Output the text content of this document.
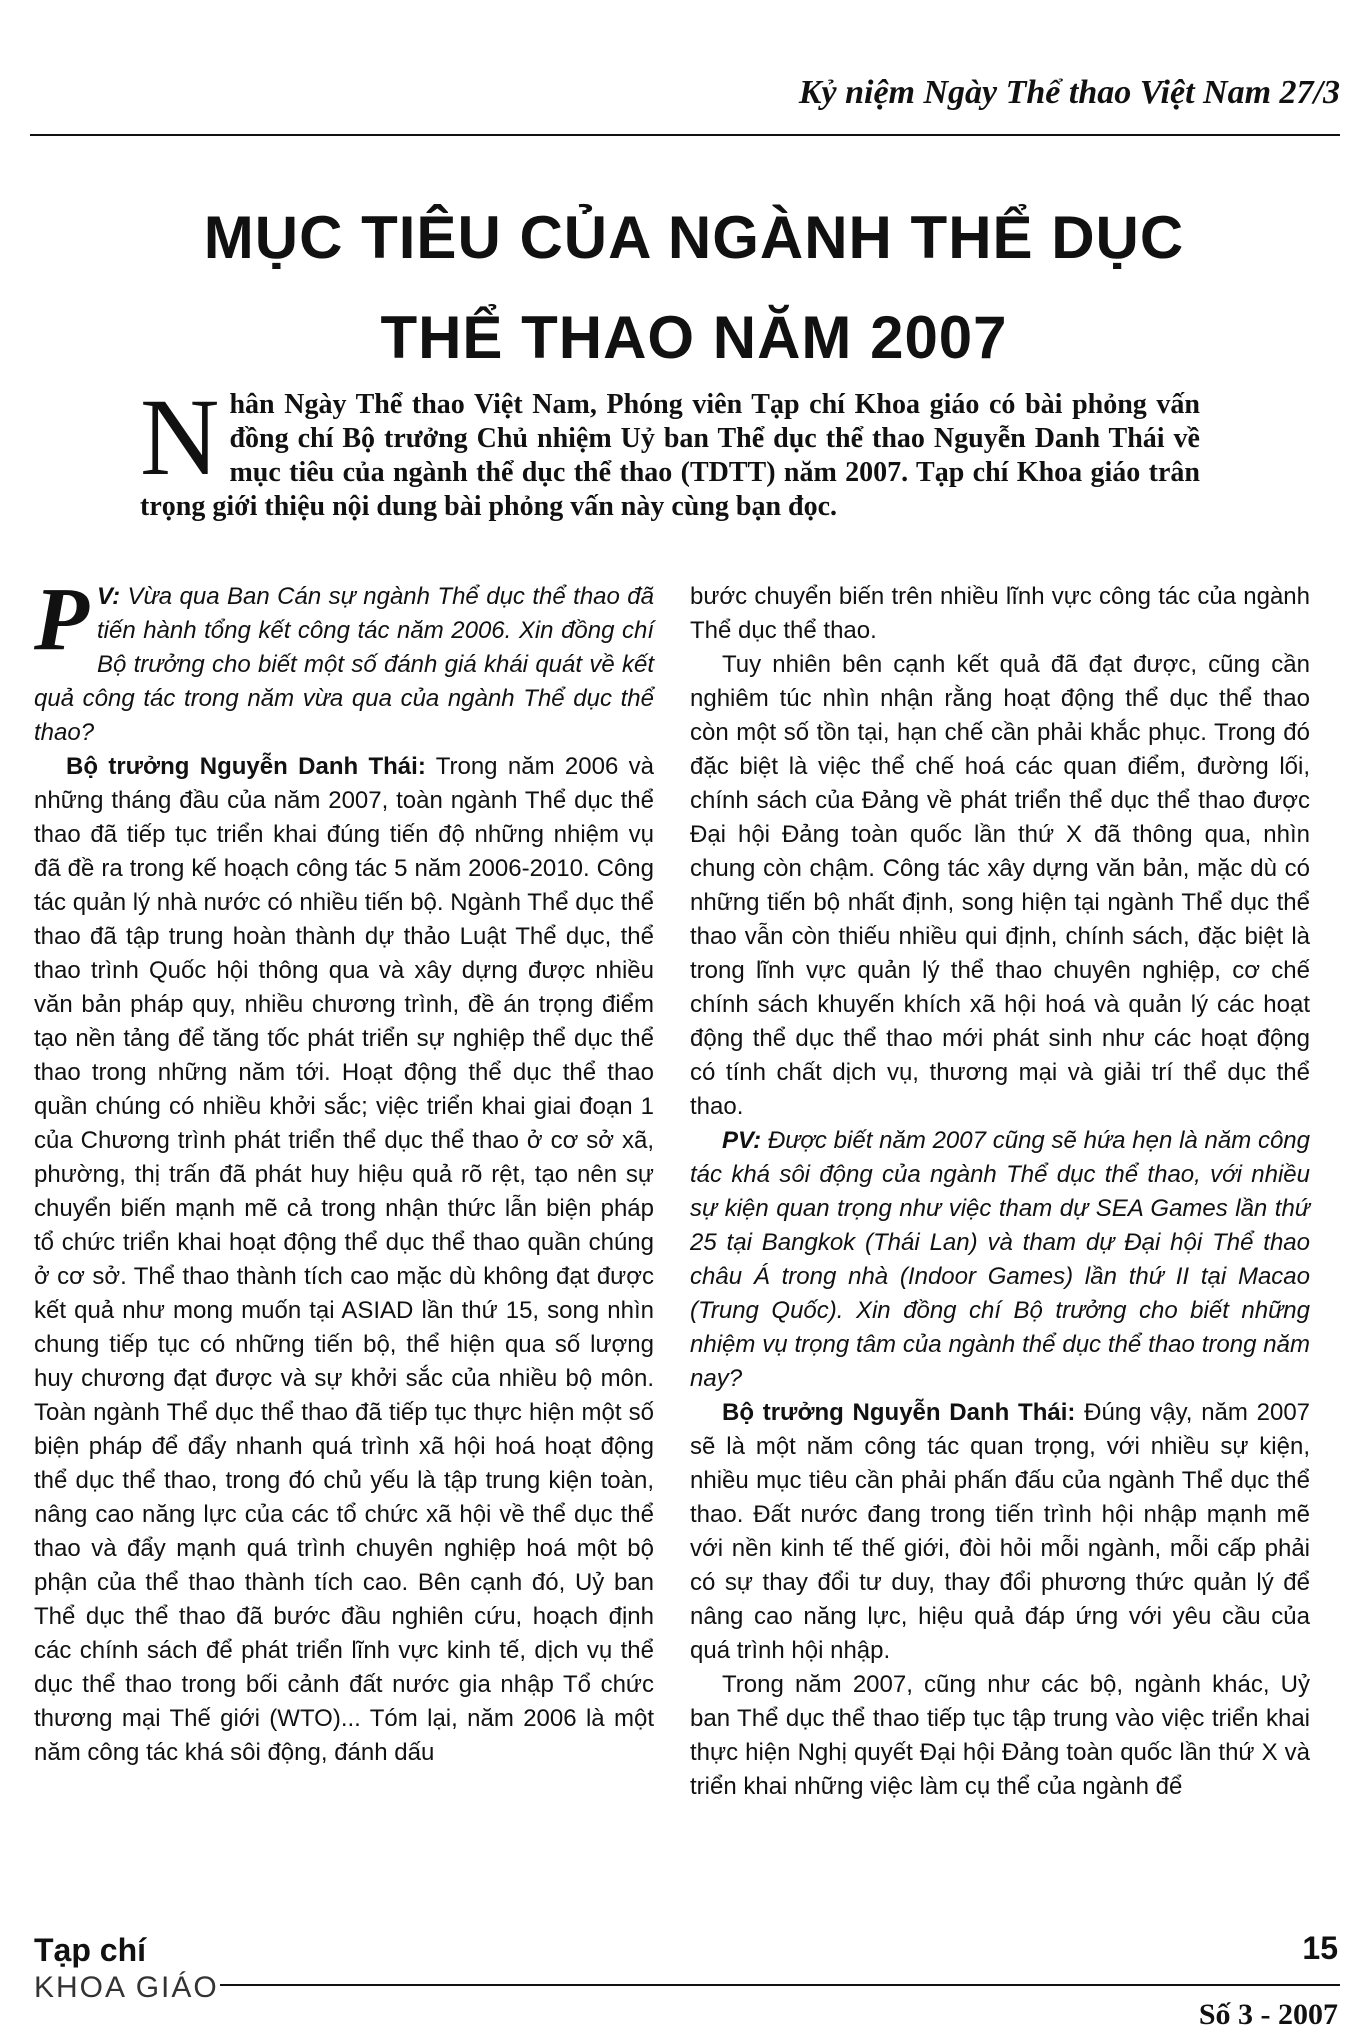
Kỷ niệm Ngày Thể thao Việt Nam 27/3
MỤC TIÊU CỦA NGÀNH THỂ DỤC
THỂ THAO NĂM 2007
Nhân Ngày Thể thao Việt Nam, Phóng viên Tạp chí Khoa giáo có bài phỏng vấn đồng chí Bộ trưởng Chủ nhiệm Uỷ ban Thể dục thể thao Nguyễn Danh Thái về mục tiêu của ngành thể dục thể thao (TDTT) năm 2007. Tạp chí Khoa giáo trân trọng giới thiệu nội dung bài phỏng vấn này cùng bạn đọc.

P V: Vừa qua Ban Cán sự ngành Thể dục thể thao đã tiến hành tổng kết công tác năm 2006. Xin đồng chí Bộ trưởng cho biết một số đánh giá khái quát về kết quả công tác trong năm vừa qua của ngành Thể dục thể thao?

Bộ trưởng Nguyễn Danh Thái: Trong năm 2006 và những tháng đầu của năm 2007, toàn ngành Thể dục thể thao đã tiếp tục triển khai đúng tiến độ những nhiệm vụ đã đề ra trong kế hoạch công tác 5 năm 2006-2010. Công tác quản lý nhà nước có nhiều tiến bộ. Ngành Thể dục thể thao đã tập trung hoàn thành dự thảo Luật Thể dục, thể thao trình Quốc hội thông qua và xây dựng được nhiều văn bản pháp quy, nhiều chương trình, đề án trọng điểm tạo nền tảng để tăng tốc phát triển sự nghiệp thể dục thể thao trong những năm tới. Hoạt động thể dục thể thao quần chúng có nhiều khởi sắc; việc triển khai giai đoạn 1 của Chương trình phát triển thể dục thể thao ở cơ sở xã, phường, thị trấn đã phát huy hiệu quả rõ rệt, tạo nên sự chuyển biến mạnh mẽ cả trong nhận thức lẫn biện pháp tổ chức triển khai hoạt động thể dục thể thao quần chúng ở cơ sở. Thể thao thành tích cao mặc dù không đạt được kết quả như mong muốn tại ASIAD lần thứ 15, song nhìn chung tiếp tục có những tiến bộ, thể hiện qua số lượng huy chương đạt được và sự khởi sắc của nhiều bộ môn. Toàn ngành Thể dục thể thao đã tiếp tục thực hiện một số biện pháp để đẩy nhanh quá trình xã hội hoá hoạt động thể dục thể thao, trong đó chủ yếu là tập trung kiện toàn, nâng cao năng lực của các tổ chức xã hội về thể dục thể thao và đẩy mạnh quá trình chuyên nghiệp hoá một bộ phận của thể thao thành tích cao. Bên cạnh đó, Uỷ ban Thể dục thể thao đã bước đầu nghiên cứu, hoạch định các chính sách để phát triển lĩnh vực kinh tế, dịch vụ thể dục thể thao trong bối cảnh đất nước gia nhập Tổ chức thương mại Thế giới (WTO)... Tóm lại, năm 2006 là một năm công tác khá sôi động, đánh dấu

bước chuyển biến trên nhiều lĩnh vực công tác của ngành Thể dục thể thao.

Tuy nhiên bên cạnh kết quả đã đạt được, cũng cần nghiêm túc nhìn nhận rằng hoạt động thể dục thể thao còn một số tồn tại, hạn chế cần phải khắc phục. Trong đó đặc biệt là việc thể chế hoá các quan điểm, đường lối, chính sách của Đảng về phát triển thể dục thể thao được Đại hội Đảng toàn quốc lần thứ X đã thông qua, nhìn chung còn chậm. Công tác xây dựng văn bản, mặc dù có những tiến bộ nhất định, song hiện tại ngành Thể dục thể thao vẫn còn thiếu nhiều qui định, chính sách, đặc biệt là trong lĩnh vực quản lý thể thao chuyên nghiệp, cơ chế chính sách khuyến khích xã hội hoá và quản lý các hoạt động thể dục thể thao mới phát sinh như các hoạt động có tính chất dịch vụ, thương mại và giải trí thể dục thể thao.

PV: Được biết năm 2007 cũng sẽ hứa hẹn là năm công tác khá sôi động của ngành Thể dục thể thao, với nhiều sự kiện quan trọng như việc tham dự SEA Games lần thứ 25 tại Bangkok (Thái Lan) và tham dự Đại hội Thể thao châu Á trong nhà (Indoor Games) lần thứ II tại Macao (Trung Quốc). Xin đồng chí Bộ trưởng cho biết những nhiệm vụ trọng tâm của ngành thể dục thể thao trong năm nay?

Bộ trưởng Nguyễn Danh Thái: Đúng vậy, năm 2007 sẽ là một năm công tác quan trọng, với nhiều sự kiện, nhiều mục tiêu cần phải phấn đấu của ngành Thể dục thể thao. Đất nước đang trong tiến trình hội nhập mạnh mẽ với nền kinh tế thế giới, đòi hỏi mỗi ngành, mỗi cấp phải có sự thay đổi tư duy, thay đổi phương thức quản lý để nâng cao năng lực, hiệu quả đáp ứng với yêu cầu của quá trình hội nhập.

Trong năm 2007, cũng như các bộ, ngành khác, Uỷ ban Thể dục thể thao tiếp tục tập trung vào việc triển khai thực hiện Nghị quyết Đại hội Đảng toàn quốc lần thứ X và triển khai những việc làm cụ thể của ngành để

Tạp chí
KHOA GIÁO
15
Số 3 - 2007
